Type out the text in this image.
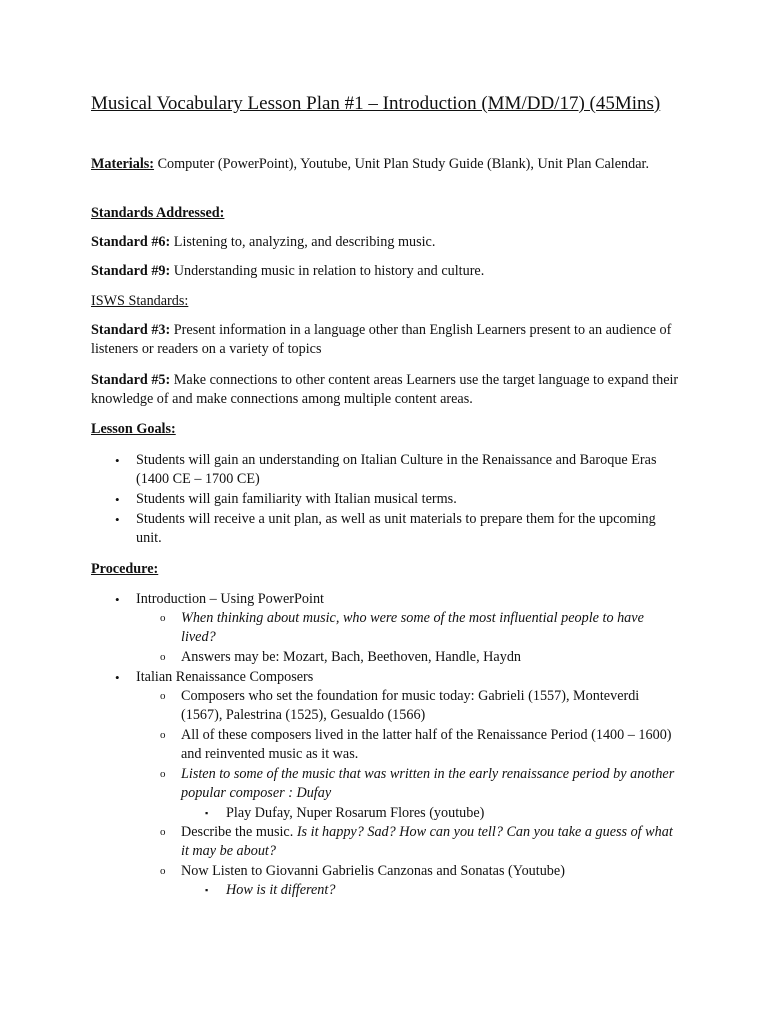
Musical Vocabulary Lesson Plan #1 – Introduction (MM/DD/17) (45Mins)
Materials: Computer (PowerPoint), Youtube, Unit Plan Study Guide (Blank), Unit Plan Calendar.
Standards Addressed:
Standard #6: Listening to, analyzing, and describing music.
Standard #9: Understanding music in relation to history and culture.
ISWS Standards:
Standard #3: Present information in a language other than English Learners present to an audience of listeners or readers on a variety of topics
Standard #5: Make connections to other content areas Learners use the target language to expand their knowledge of and make connections among multiple content areas.
Lesson Goals:
• Students will gain an understanding on Italian Culture in the Renaissance and Baroque Eras (1400 CE – 1700 CE)
• Students will gain familiarity with Italian musical terms.
• Students will receive a unit plan, as well as unit materials to prepare them for the upcoming unit.
Procedure:
• Introduction – Using PowerPoint
o When thinking about music, who were some of the most influential people to have lived?
o Answers may be: Mozart, Bach, Beethoven, Handle, Haydn
• Italian Renaissance Composers
o Composers who set the foundation for music today: Gabrieli (1557), Monteverdi (1567), Palestrina (1525), Gesualdo (1566)
o All of these composers lived in the latter half of the Renaissance Period (1400 – 1600) and reinvented music as it was.
o Listen to some of the music that was written in the early renaissance period by another popular composer : Dufay
▪ Play Dufay, Nuper Rosarum Flores (youtube)
o Describe the music. Is it happy? Sad? How can you tell? Can you take a guess of what it may be about?
o Now Listen to Giovanni Gabrielis Canzonas and Sonatas (Youtube)
▪ How is it different?
